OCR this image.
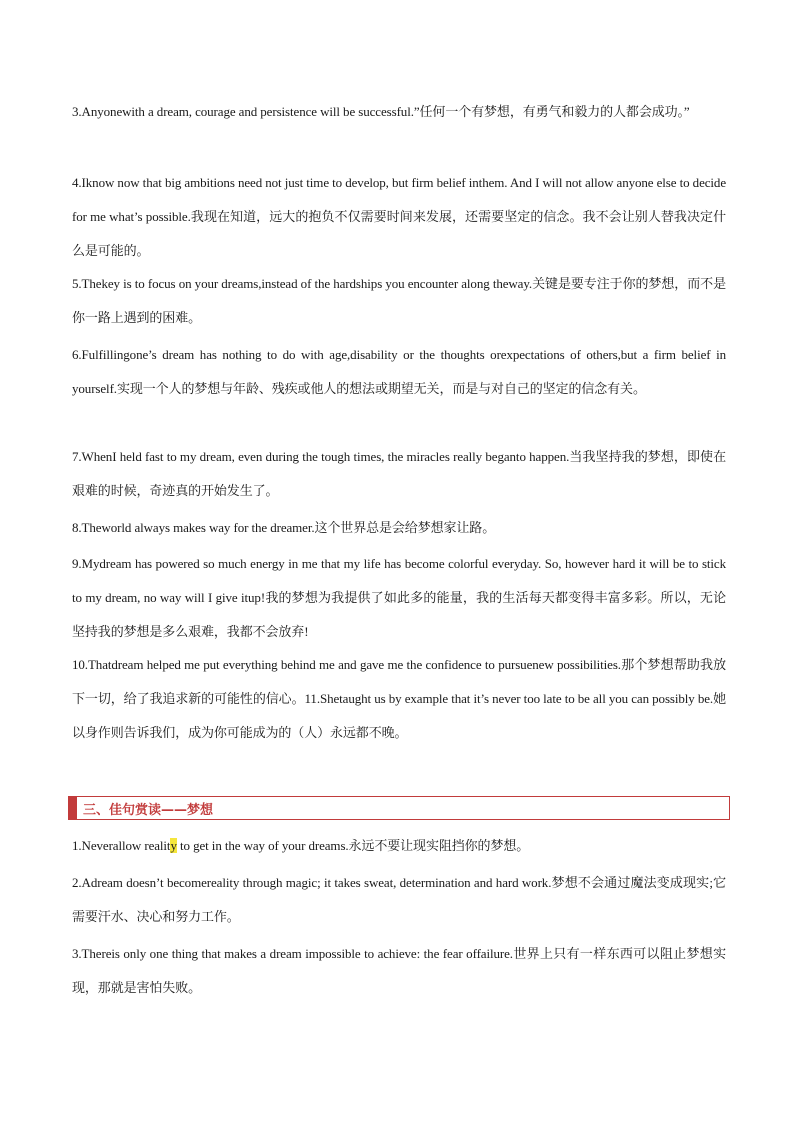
3.Anyonewith a dream, courage and persistence will be successful.”任何一个有梦想，有勇气和毅力的人都会成功。”

4.Iknow now that big ambitions need not just time to develop, but firm belief inthem. And I will not allow anyone else to decide for me what’s possible.我现在知道，远大的抱负不仅需要时间来发展，还需要坚定的信念。我不会让别人替我决定什么是可能的。

5.Thekey is to focus on your dreams,instead of the hardships you encounter along theway.关键是要专注于你的梦想，而不是你一路上遇到的困难。

6.Fulfillingone’s dream has nothing to do with age,disability or the thoughts orexpectations of others,but a firm belief in yourself.实现一个人的梦想与年龄、残疾或他人的想法或期望无关，而是与对自己的坚定的信念有关。

7.WhenI held fast to my dream, even during the tough times, the miracles really beganto happen.当我坚持我的梦想，即使在艰难的时候，奇迹真的开始发生了。

8.Theworld always makes way for the dreamer.这个世界总是会给梦想家让路。

9.Mydream has powered so much energy in me that my life has become colorful everyday. So, however hard it will be to stick to my dream, no way will I give itup!我的梦想为我提供了如此多的能量，我的生活每天都变得丰富多彩。所以，无论坚持我的梦想是多么艰难，我都不会放弃!

10.Thatdream helped me put everything behind me and gave me the confidence to pursuenew possibilities.那个梦想帮助我放下一切，给了我追求新的可能性的信心。11.Shetaught us by example that it’s never too late to be all you can possibly be.她以身作则告诉我们，成为你可能成为的（人）永远都不晚。

三、佳句赏读——梦想

1.Neverallow reality to get in the way of your dreams.永远不要让现实阻挡你的梦想。

2.Adream doesn’t becomereality through magic; it takes sweat, determination and hard work.梦想不会通过魔法变成现实;它需要汗水、决心和努力工作。

3.Thereis only one thing that makes a dream impossible to achieve: the fear offailure.世界上只有一样东西可以阻止梦想实现，那就是害怕失败。
